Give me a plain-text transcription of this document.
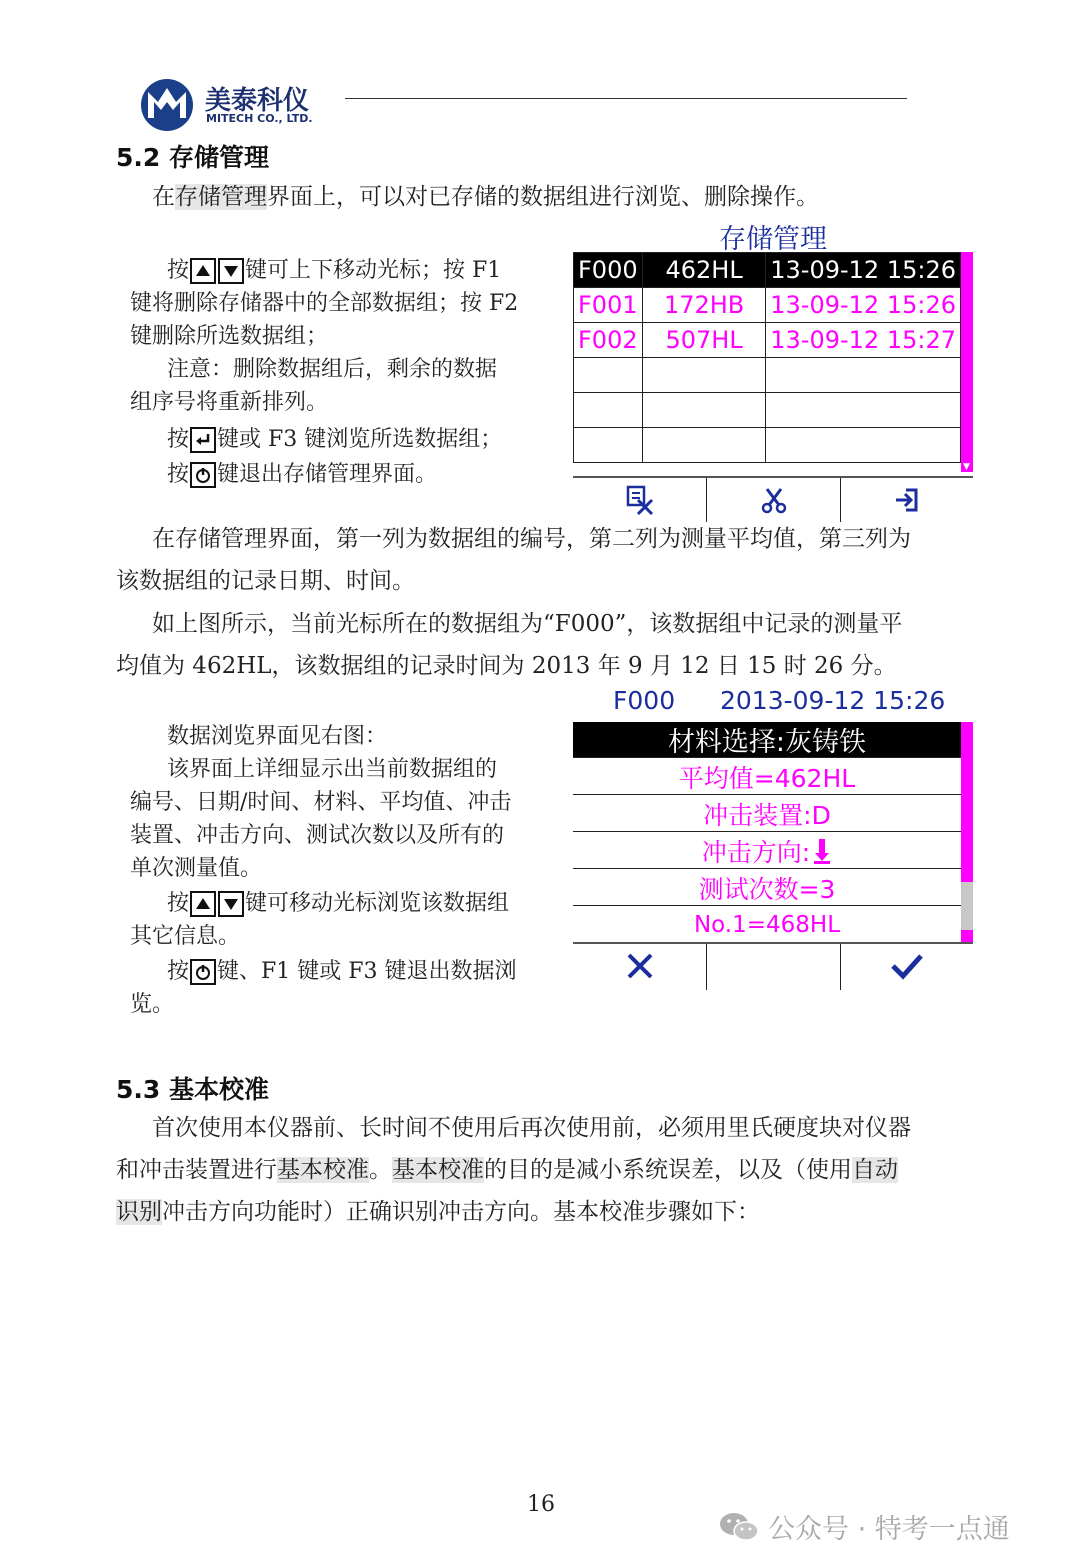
美泰科仪
MITECH CO., LTD.
5.2 存储管理
在存储管理界面上，可以对已存储的数据组进行浏览、删除操作。
按	键可上下移动光标；按 F1
键将删除存储器中的全部数据组；按 F2
键删除所选数据组；
注意：删除数据组后，剩余的数据
组序号将重新排列。
按 键或 F3 键浏览所选数据组；
按 键退出存储管理界面。
存储管理
F000	462HL	13-09-12 15:26
F001	172HB	13-09-12 15:26
F002	507HL	13-09-12 15:27

▼
在存储管理界面，第一列为数据组的编号，第二列为测量平均值，第三列为
该数据组的记录日期、时间。
如上图所示，当前光标所在的数据组为“F000”，该数据组中记录的测量平
均值为 462HL，该数据组的记录时间为 2013 年 9 月 12 日 15 时 26 分。
数据浏览界面见右图：
该界面上详细显示出当前数据组的
编号、日期/时间、材料、平均值、冲击
装置、冲击方向、测试次数以及所有的
单次测量值。
按	键可移动光标浏览该数据组
其它信息。
按 键、F1 键或 F3 键退出数据浏
览。
F000 2013-09-12 15:26
材料选择:灰铸铁
平均值=462HL
冲击装置:D
冲击方向:
测试次数=3
No.1=468HL
5.3 基本校准
首次使用本仪器前、长时间不使用后再次使用前，必须用里氏硬度块对仪器
和冲击装置进行基本校准。基本校准的目的是减小系统误差，以及（使用自动
识别冲击方向功能时）正确识别冲击方向。基本校准步骤如下：
16
公众号 · 特考一点通
